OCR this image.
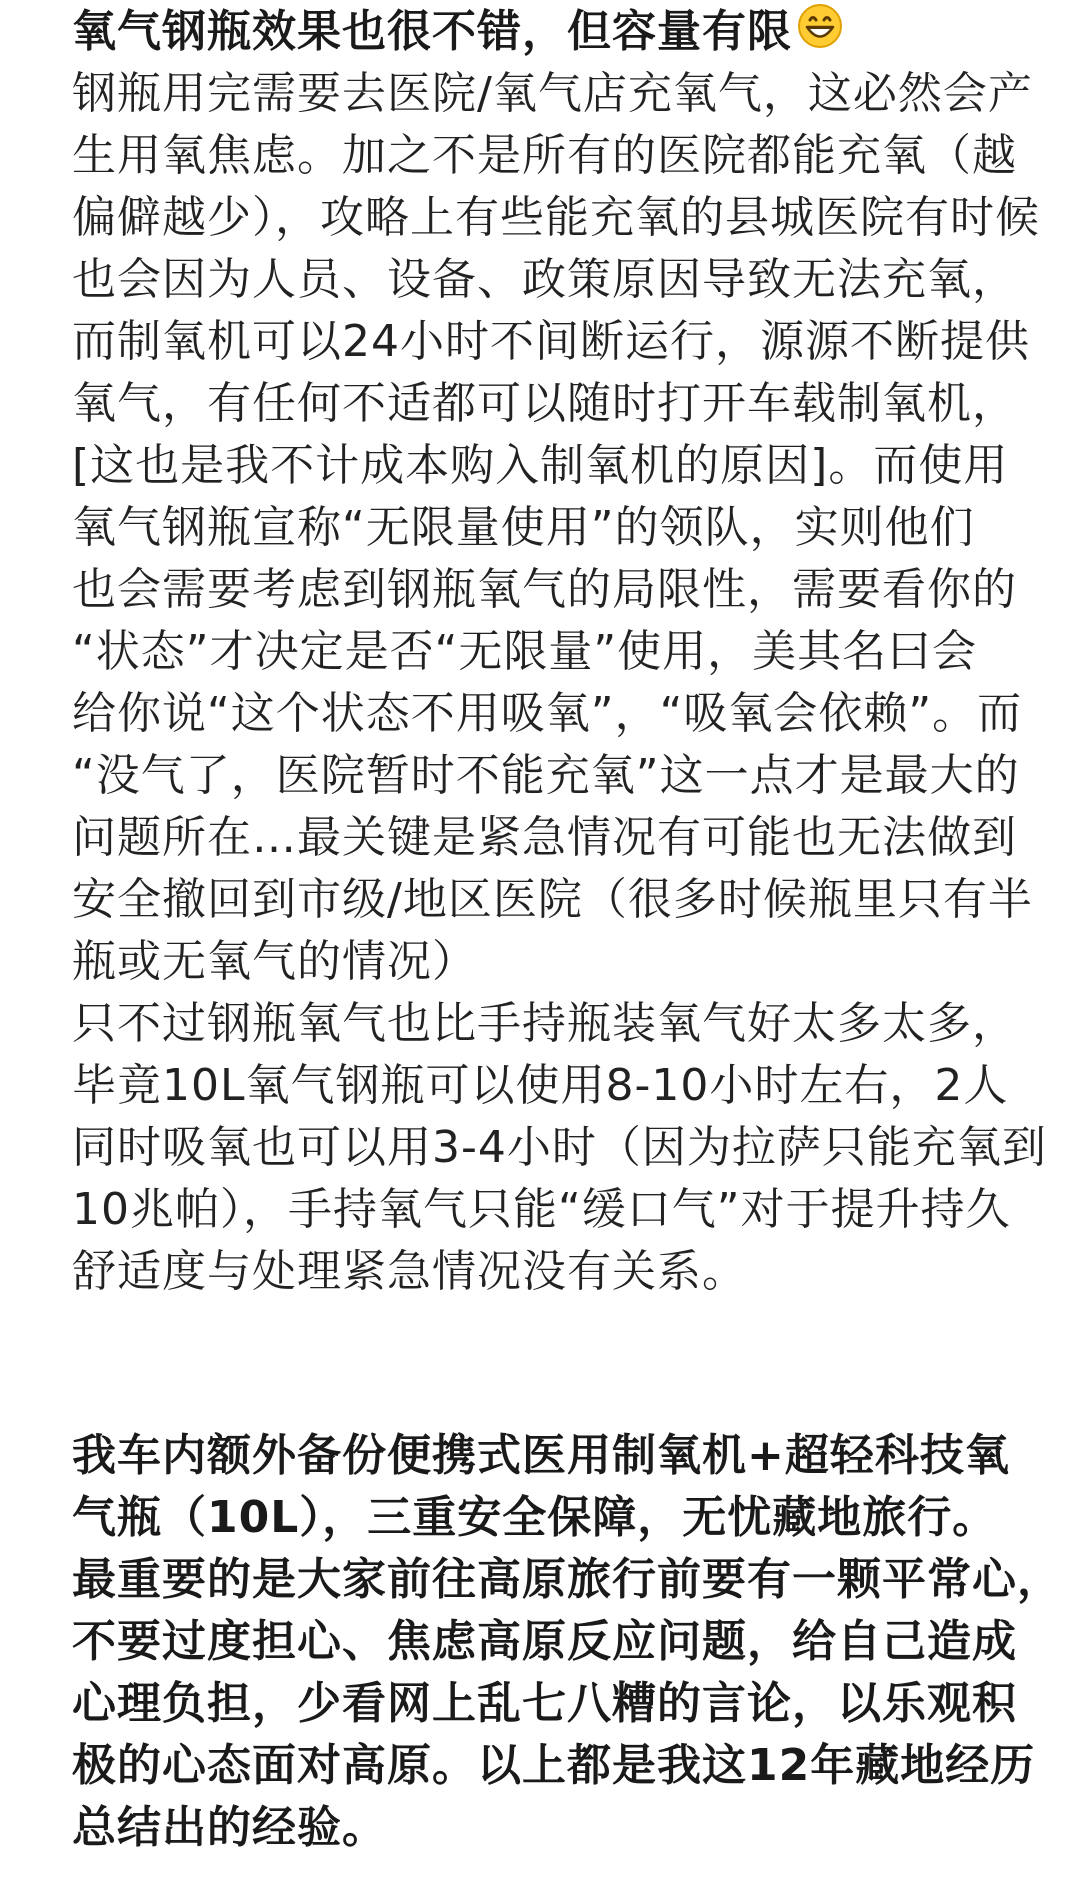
氧气钢瓶效果也很不错，但容量有限
钢瓶用完需要去医院/氧气店充氧气，这必然会产
生用氧焦虑。加之不是所有的医院都能充氧（越
偏僻越少），攻略上有些能充氧的县城医院有时候
也会因为人员、设备、政策原因导致无法充氧，
而制氧机可以24小时不间断运行，源源不断提供
氧气，有任何不适都可以随时打开车载制氧机，
[这也是我不计成本购入制氧机的原因]。而使用
氧气钢瓶宣称“无限量使用”的领队，实则他们
也会需要考虑到钢瓶氧气的局限性，需要看你的
“状态”才决定是否“无限量”使用，美其名曰会
给你说“这个状态不用吸氧”，“吸氧会依赖”。而
“没气了，医院暂时不能充氧”这一点才是最大的
问题所在…最关键是紧急情况有可能也无法做到
安全撤回到市级/地区医院（很多时候瓶里只有半
瓶或无氧气的情况）
只不过钢瓶氧气也比手持瓶装氧气好太多太多，
毕竟10L氧气钢瓶可以使用8-10小时左右，2人
同时吸氧也可以用3-4小时（因为拉萨只能充氧到
10兆帕），手持氧气只能“缓口气”对于提升持久
舒适度与处理紧急情况没有关系。
我车内额外备份便携式医用制氧机+超轻科技氧
气瓶（10L），三重安全保障，无忧藏地旅行。
最重要的是大家前往高原旅行前要有一颗平常心，
不要过度担心、焦虑高原反应问题，给自己造成
心理负担，少看网上乱七八糟的言论，以乐观积
极的心态面对高原。以上都是我这12年藏地经历
总结出的经验。
